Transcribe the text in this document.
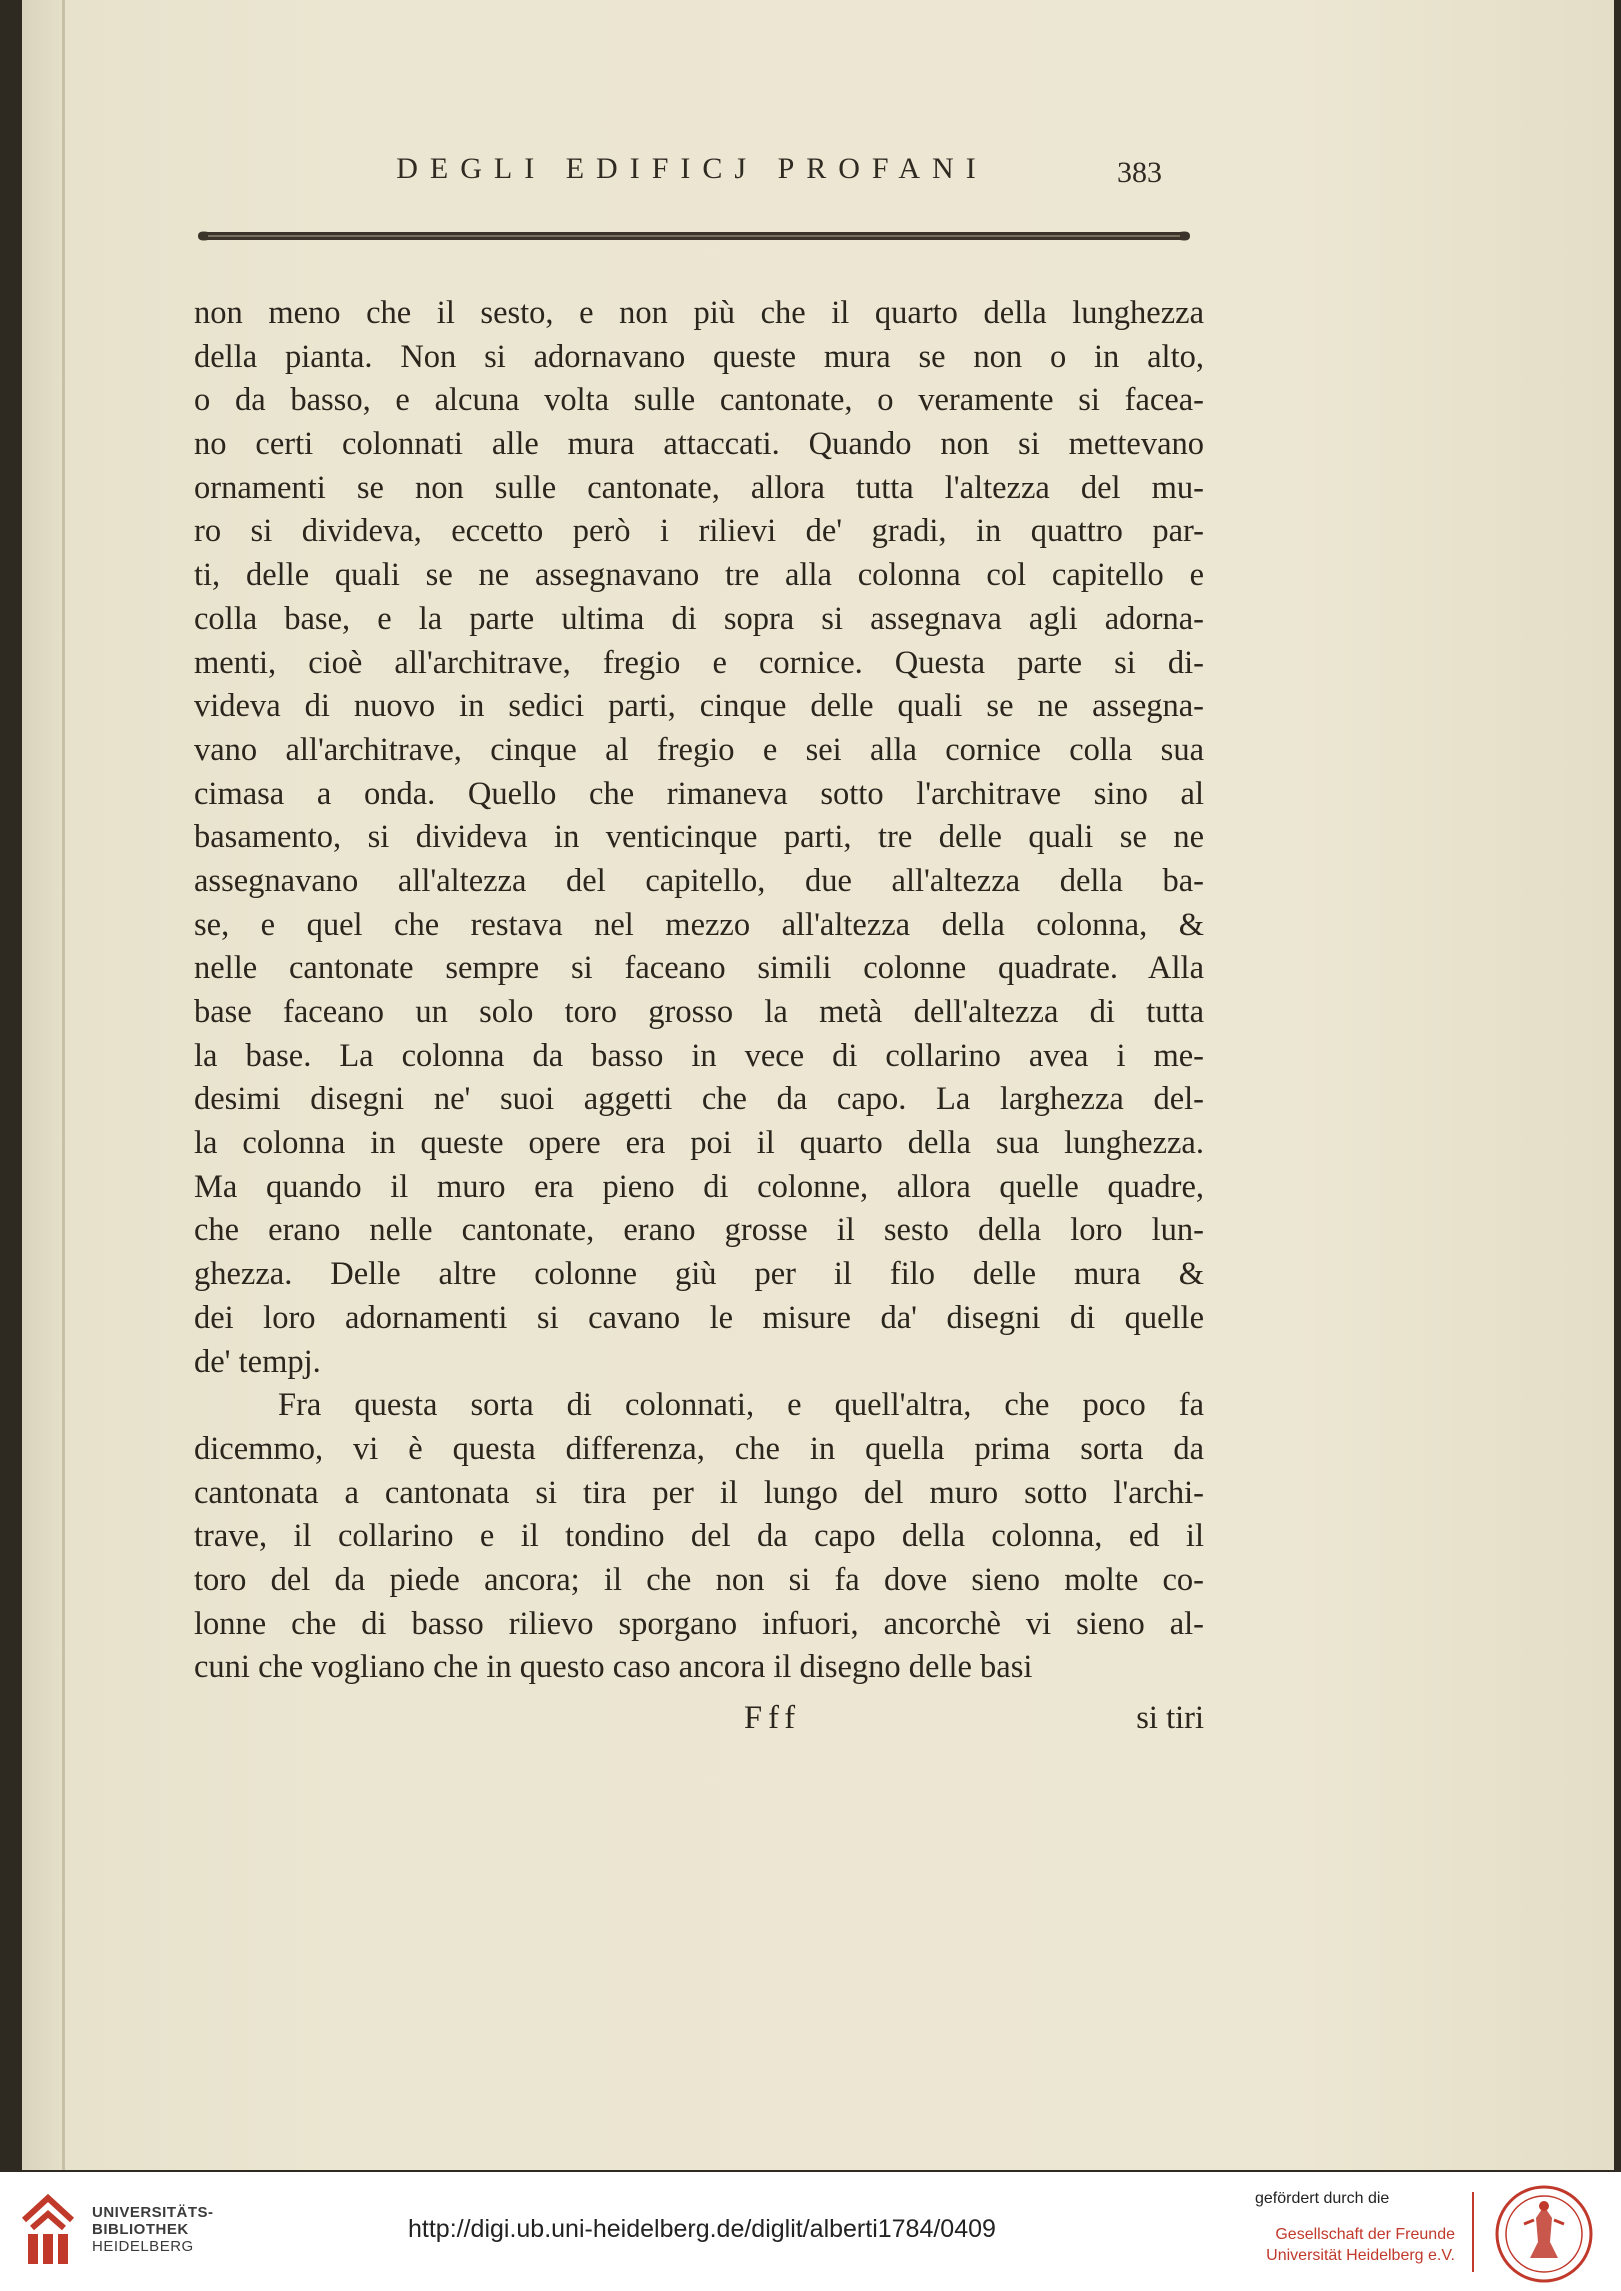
DEGLI EDIFICJ PROFANI	383
non meno che il sesto, e non più che il quarto della lunghezza
della pianta. Non si adornavano queste mura se non o in alto,
o da basso, e alcuna volta sulle cantonate, o veramente si facea-
no certi colonnati alle mura attaccati. Quando non si mettevano
ornamenti se non sulle cantonate, allora tutta l'altezza del mu-
ro si divideva, eccetto però i rilievi de' gradi, in quattro par-
ti, delle quali se ne assegnavano tre alla colonna col capitello e
colla base, e la parte ultima di sopra si assegnava agli adorna-
menti, cioè all'architrave, fregio e cornice. Questa parte si di-
videva di nuovo in sedici parti, cinque delle quali se ne assegna-
vano all'architrave, cinque al fregio e sei alla cornice colla sua
cimasa a onda. Quello che rimaneva sotto l'architrave sino al
basamento, si divideva in venticinque parti, tre delle quali se ne
assegnavano all'altezza del capitello, due all'altezza della ba-
se, e quel che restava nel mezzo all'altezza della colonna, &
nelle cantonate sempre si faceano simili colonne quadrate. Alla
base faceano un solo toro grosso la metà dell'altezza di tutta
la base. La colonna da basso in vece di collarino avea i me-
desimi disegni ne' suoi aggetti che da capo. La larghezza del-
la colonna in queste opere era poi il quarto della sua lunghezza.
Ma quando il muro era pieno di colonne, allora quelle quadre,
che erano nelle cantonate, erano grosse il sesto della loro lun-
ghezza. Delle altre colonne giù per il filo delle mura &
dei loro adornamenti si cavano le misure da' disegni di quelle
de' tempj.
Fra questa sorta di colonnati, e quell'altra, che poco fa
dicemmo, vi è questa differenza, che in quella prima sorta da
cantonata a cantonata si tira per il lungo del muro sotto l'archi-
trave, il collarino e il tondino del da capo della colonna, ed il
toro del da piede ancora; il che non si fa dove sieno molte co-
lonne che di basso rilievo sporgano infuori, ancorchè vi sieno al-
cuni che vogliano che in questo caso ancora il disegno delle basi
Fff	si tiri
UNIVERSITÄTS-
BIBLIOTHEK
HEIDELBERG
http://digi.ub.uni-heidelberg.de/diglit/alberti1784/0409
gefördert durch die
Gesellschaft der Freunde
Universität Heidelberg e.V.
